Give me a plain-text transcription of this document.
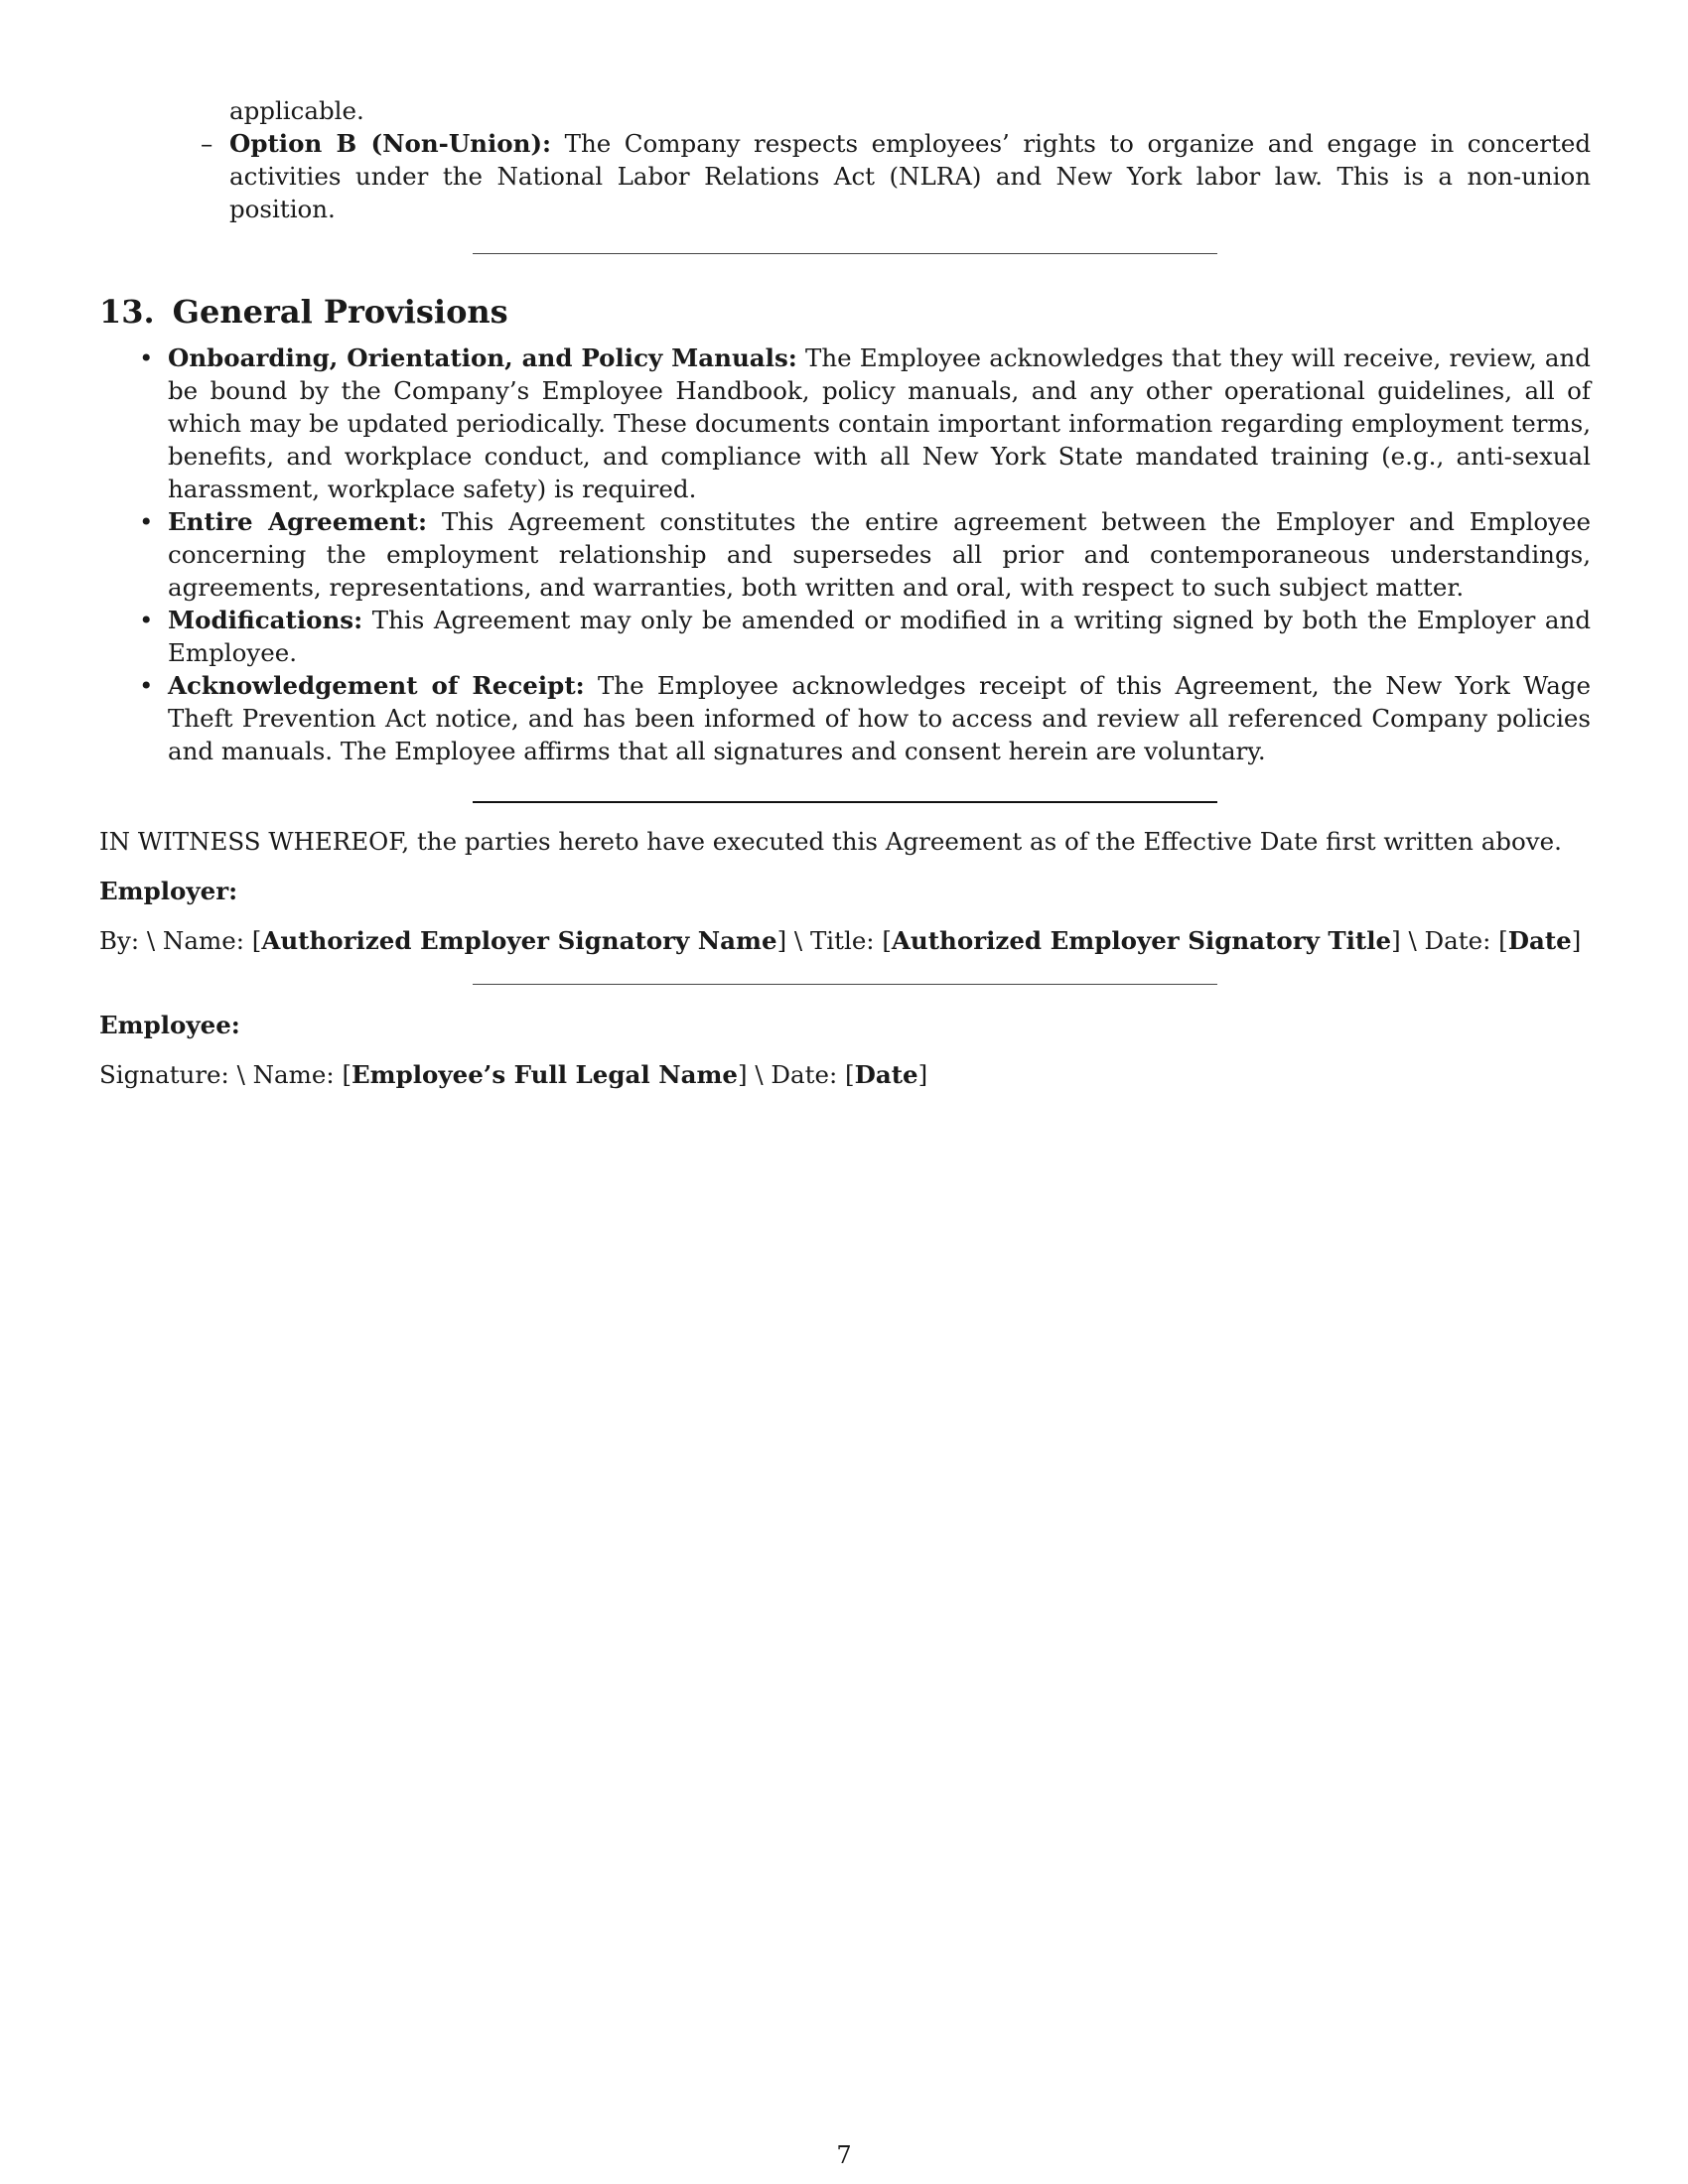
applicable.

– Option B (Non-Union): The Company respects employees’ rights to organize and engage in concerted activities under the National Labor Relations Act (NLRA) and New York labor law. This is a non-union position.
13. General Provisions
• Onboarding, Orientation, and Policy Manuals: The Employee acknowledges that they will receive, review, and be bound by the Company’s Employee Handbook, policy manuals, and any other operational guidelines, all of which may be updated periodically. These documents contain important information regarding employment terms, benefits, and workplace conduct, and compliance with all New York State mandated training (e.g., anti-sexual harassment, workplace safety) is required.
• Entire Agreement: This Agreement constitutes the entire agreement between the Employer and Employee concerning the employment relationship and supersedes all prior and contemporaneous understandings, agreements, representations, and warranties, both written and oral, with respect to such subject matter.
• Modifications: This Agreement may only be amended or modified in a writing signed by both the Employer and Employee.
• Acknowledgement of Receipt: The Employee acknowledges receipt of this Agreement, the New York Wage Theft Prevention Act notice, and has been informed of how to access and review all referenced Company policies and manuals. The Employee affirms that all signatures and consent herein are voluntary.

IN WITNESS WHEREOF, the parties hereto have executed this Agreement as of the Effective Date first written above.

Employer:

By: \ Name: [Authorized Employer Signatory Name] \ Title: [Authorized Employer Signatory Title] \ Date: [Date]

Employee:

Signature: \ Name: [Employee’s Full Legal Name] \ Date: [Date]

7
